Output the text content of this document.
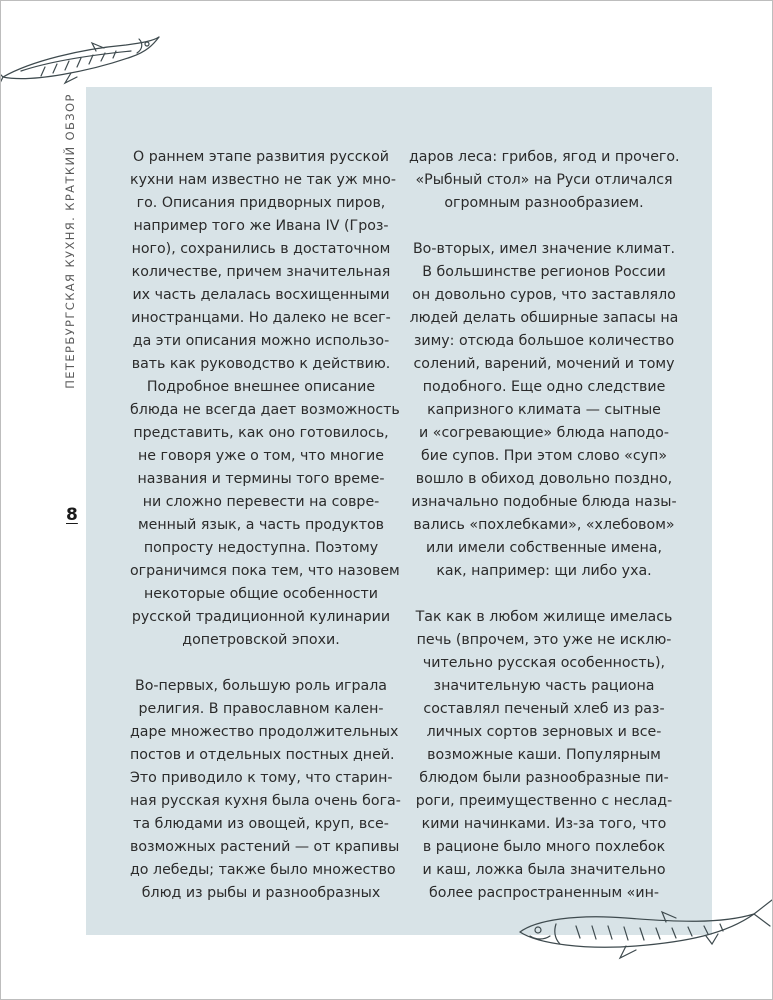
ПЕТЕРБУРГСКАЯ КУХНЯ. КРАТКИЙ ОБЗОР
8

О раннем этапе развития русской
кухни нам известно не так уж мно-
го. Описания придворных пиров,
например того же Ивана IV (Гроз-
ного), сохранились в достаточном
количестве, причем значительная
их часть делалась восхищенными
иностранцами. Но далеко не всег-
да эти описания можно использо-
вать как руководство к действию.
Подробное внешнее описание
блюда не всегда дает возможность
представить, как оно готовилось,
не говоря уже о том, что многие
названия и термины того време-
ни сложно перевести на совре-
менный язык, а часть продуктов
попросту недоступна. Поэтому
ограничимся пока тем, что назовем
некоторые общие особенности
русской традиционной кулинарии
допетровской эпохи.

Во-первых, большую роль играла
религия. В православном кален-
даре множество продолжительных
постов и отдельных постных дней.
Это приводило к тому, что старин-
ная русская кухня была очень бога-
та блюдами из овощей, круп, все-
возможных растений — от крапивы
до лебеды; также было множество
блюд из рыбы и разнообразных

даров леса: грибов, ягод и прочего.
«Рыбный стол» на Руси отличался
огромным разнообразием.

Во-вторых, имел значение климат.
В большинстве регионов России
он довольно суров, что заставляло
людей делать обширные запасы на
зиму: отсюда большое количество
солений, варений, мочений и тому
подобного. Еще одно следствие
капризного климата — сытные
и «согревающие» блюда наподо-
бие супов. При этом слово «суп»
вошло в обиход довольно поздно,
изначально подобные блюда назы-
вались «похлебками», «хлебовом»
или имели собственные имена,
как, например: щи либо уха.

Так как в любом жилище имелась
печь (впрочем, это уже не исклю-
чительно русская особенность),
значительную часть рациона
составлял печеный хлеб из раз-
личных сортов зерновых и все-
возможные каши. Популярным
блюдом были разнообразные пи-
роги, преимущественно с неслад-
кими начинками. Из-за того, что
в рационе было много похлебок
и каш, ложка была значительно
более распространенным «ин-
